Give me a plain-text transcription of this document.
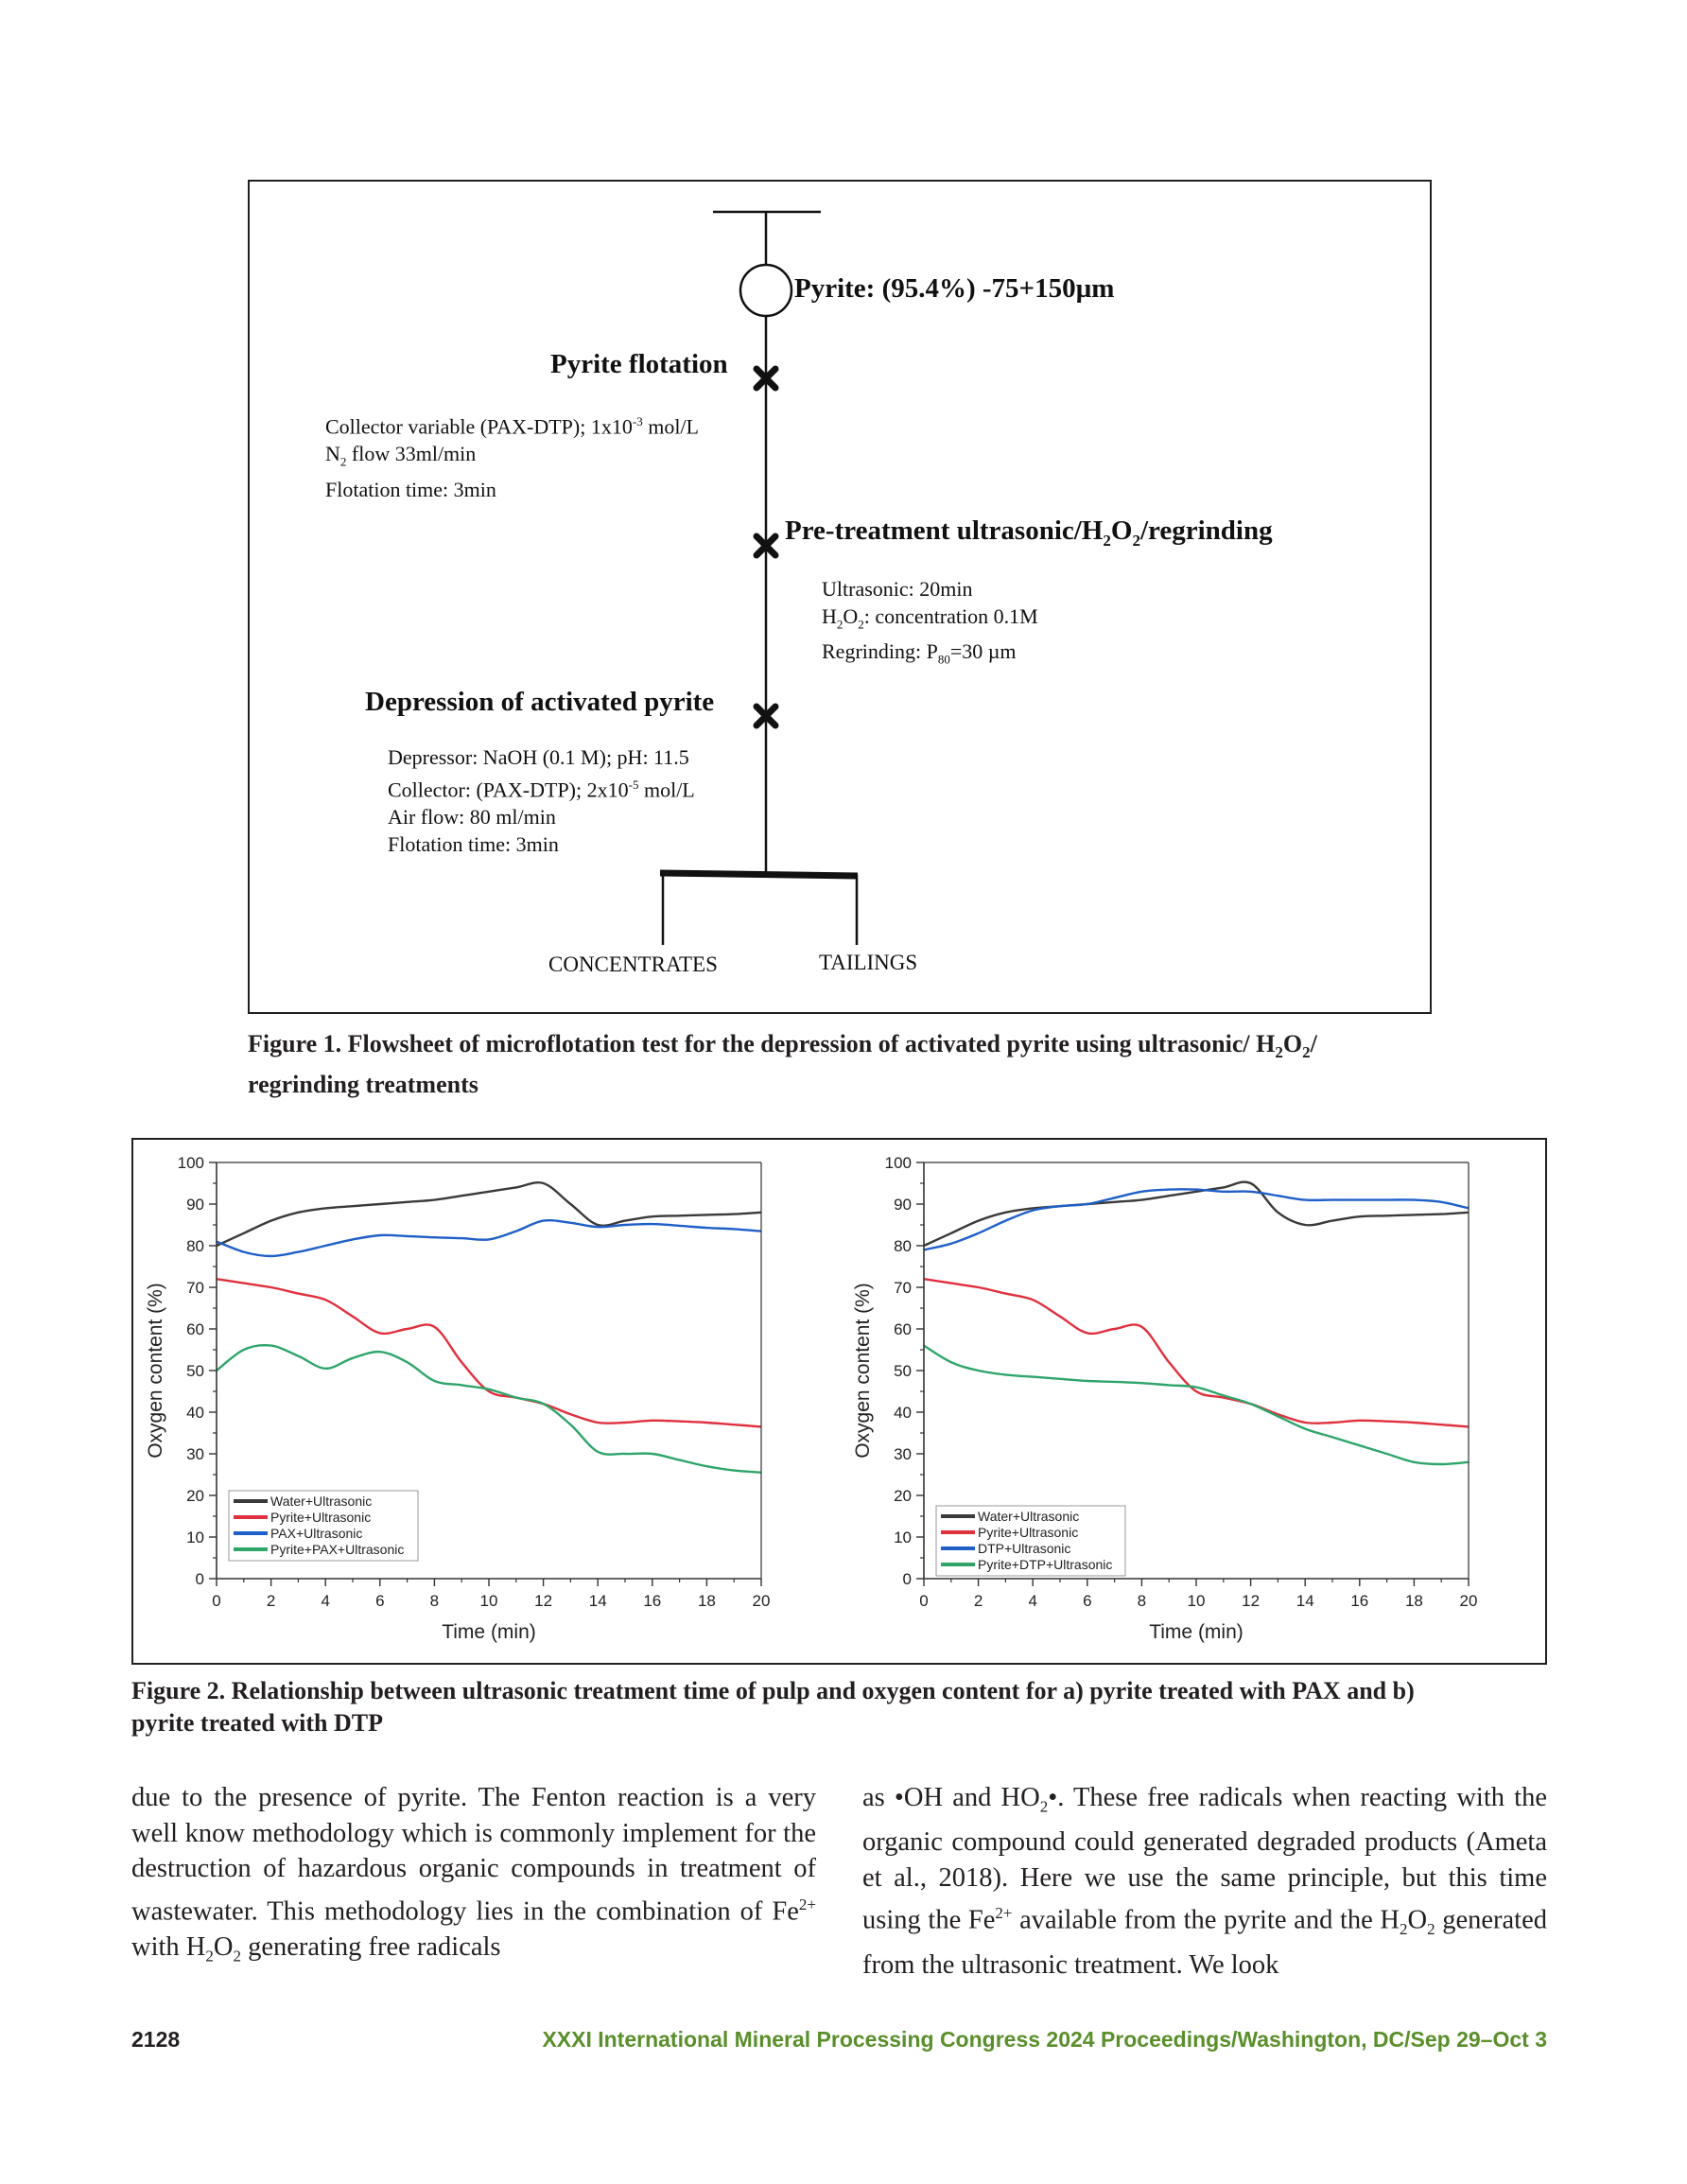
Pyrite: (95.4%) -75+150µm
Pyrite flotation
Collector variable (PAX-DTP); $1x10^{-3}$ mol/L
$N_2$ flow 33ml/min
Flotation time: 3min
Pre-treatment ultrasonic/$H_2O_2$/regrinding
Ultrasonic: 20min
$H_2O_2$: concentration 0.1M
Regrinding: $P_{80}=30$ µm
Depression of activated pyrite
Depressor: NaOH (0.1 M); pH: 11.5
Collector: (PAX-DTP); $2x10^{-5}$ mol/L
Air flow: 80 ml/min
Flotation time: 3min
CONCENTRATES	TAILINGS
Figure 1. Flowsheet of microflotation test for the depression of activated pyrite using ultrasonic/ $H_2O_2/$
regrinding treatments
0
10
20
30
40
50
60
70
80
90
100
0	2	4	6	8	10 12 14 16 18 20
Time (min)
Oxygen content (%)
Water+Ultrasonic
Pyrite+Ultrasonic
PAX+Ultrasonic
Pyrite+PAX+Ultrasonic
0
10
20
30
40
50
60
70
80
90
100
0	2	4	6	8	10 12 14 16 18 20
Time (min)
Oxygen content (%)
Water+Ultrasonic
Pyrite+Ultrasonic
DTP+Ultrasonic
Pyrite+DTP+Ultrasonic
Figure 2. Relationship between ultrasonic treatment time of pulp and oxygen content for a) pyrite treated with PAX and b)
pyrite treated with DTP

due to the presence of pyrite. The Fenton reaction is a very well know methodology which is commonly implement for the destruction of hazardous organic compounds in treatment of wastewater. This methodology lies in the combination of $Fe^{2+}$ with $H_2O_2$ generating free radicals

as •OH and $HO_2•$. These free radicals when reacting with the organic compound could generated degraded products (Ameta et al., 2018). Here we use the same principle, but this time using the $Fe^{2+}$ available from the pyrite and the $H_2O_2$ generated from the ultrasonic treatment. We look

2128	XXXI International Mineral Processing Congress 2024 Proceedings/Washington, DC/Sep 29–Oct 3
